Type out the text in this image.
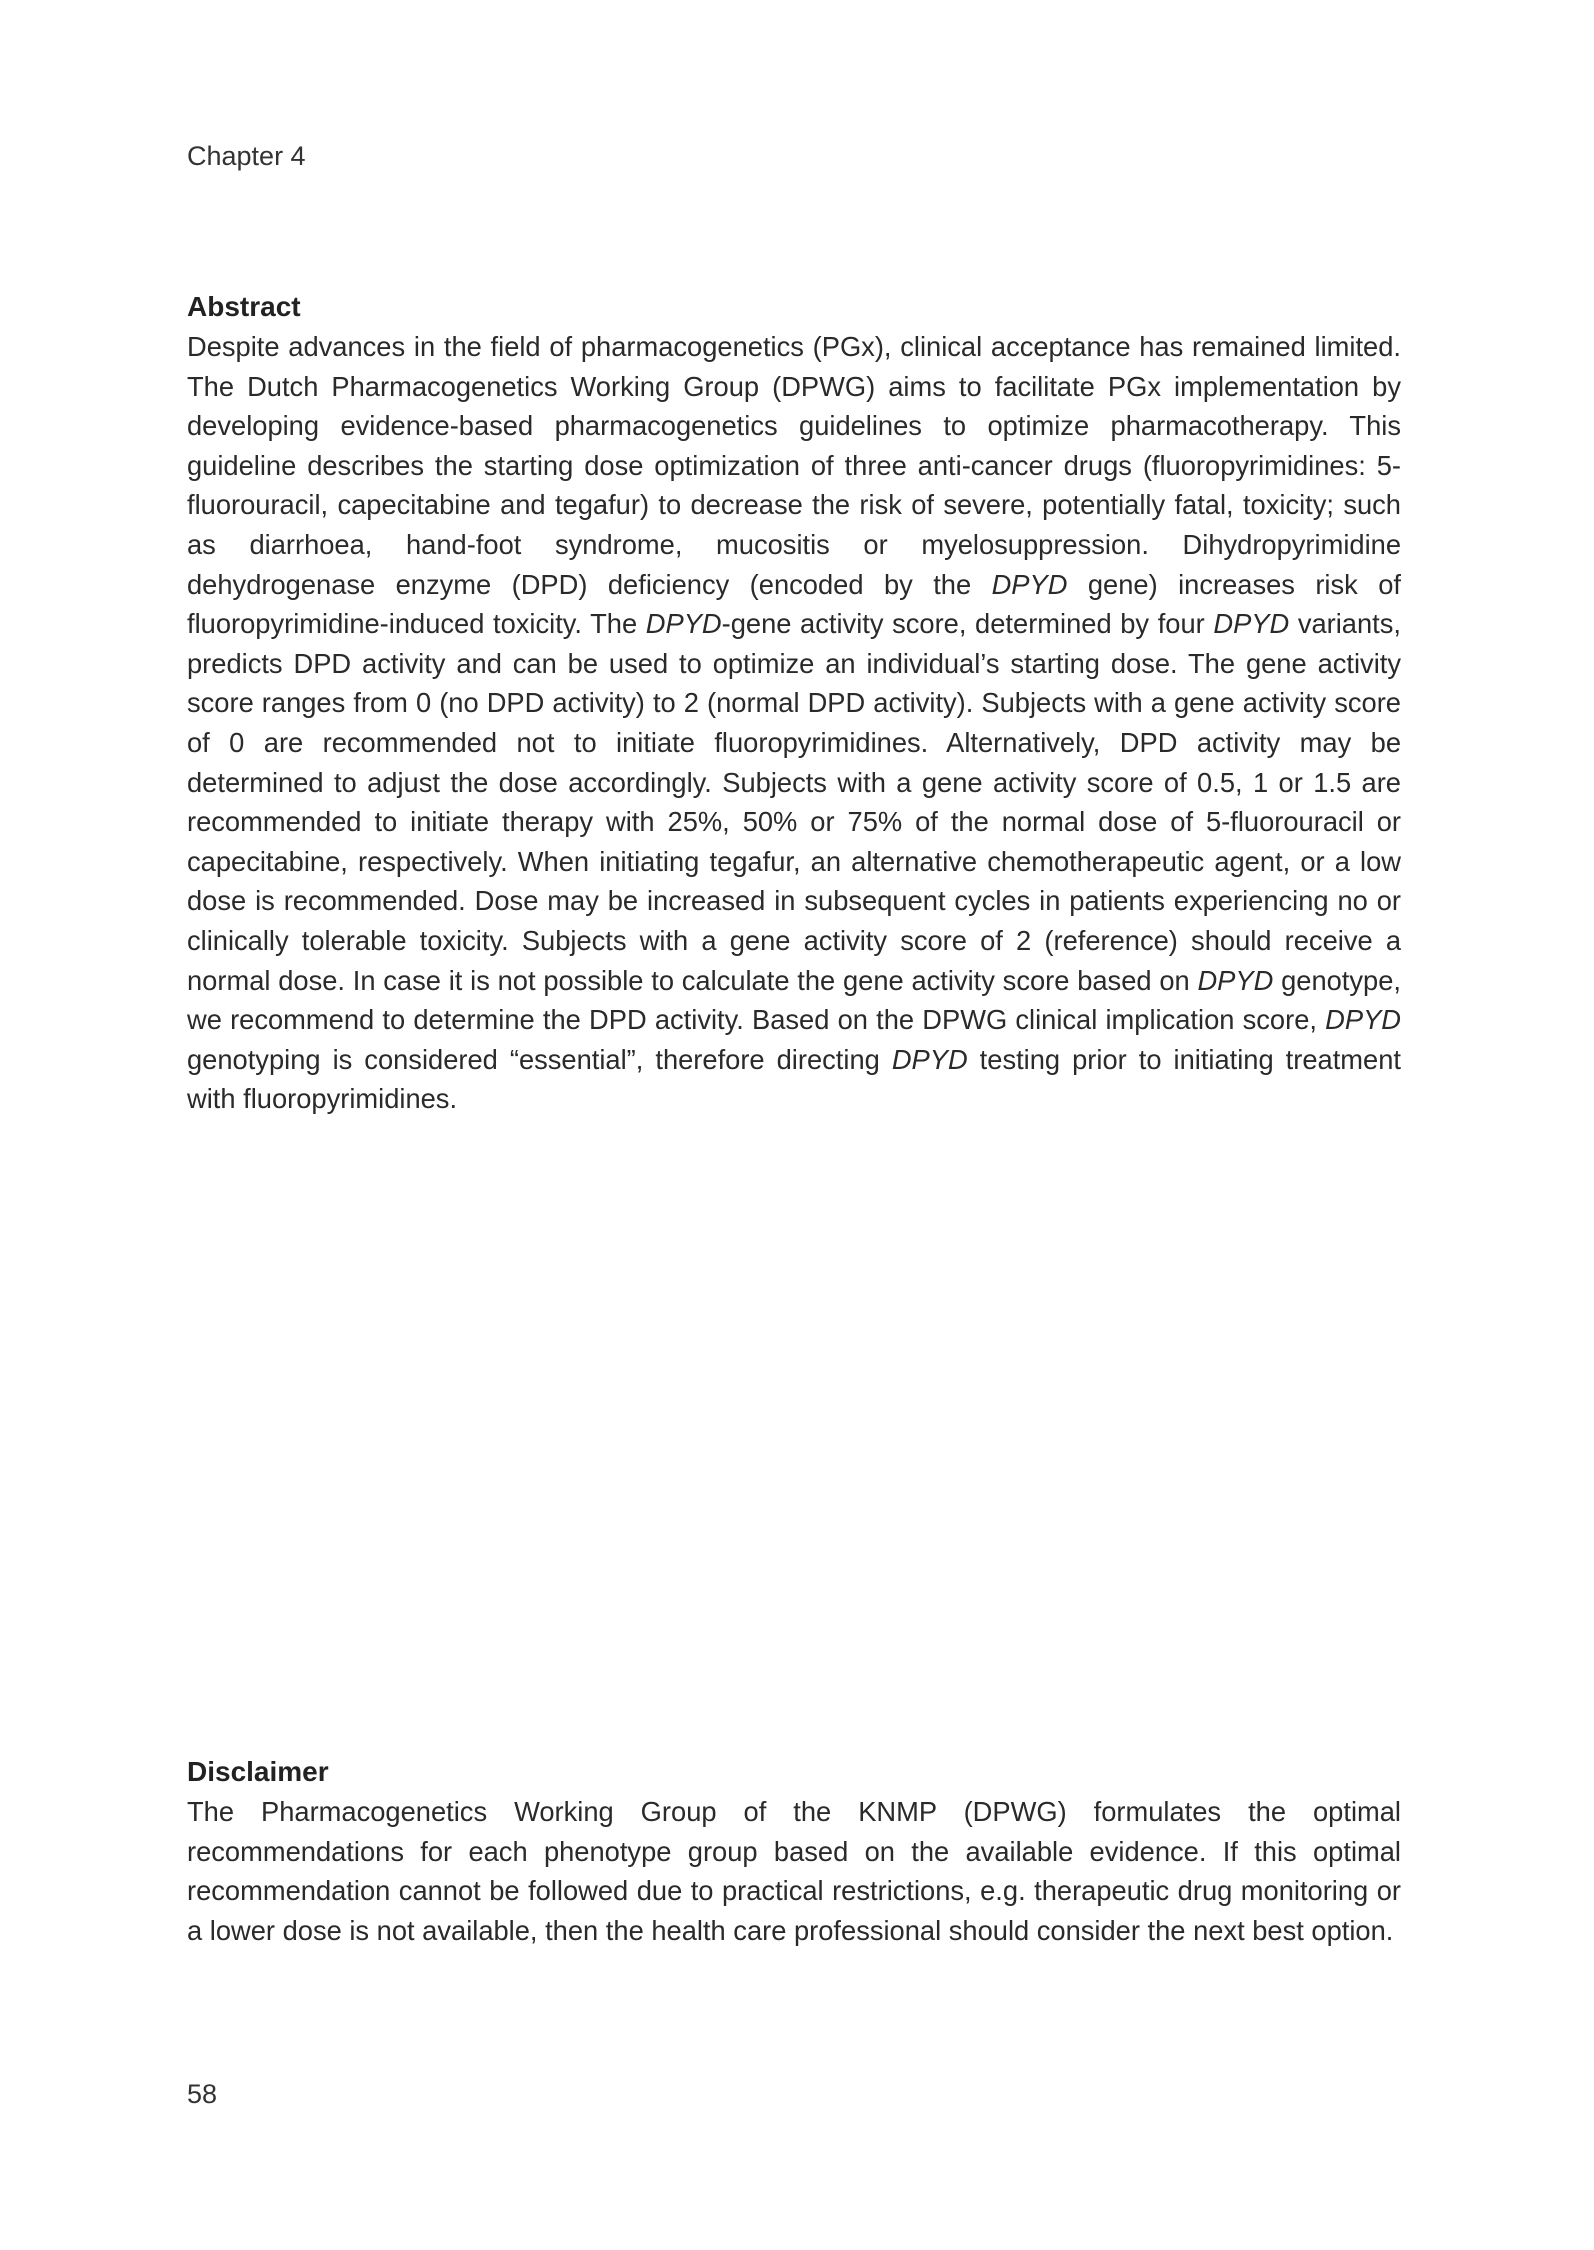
Chapter 4
Abstract

Despite advances in the field of pharmacogenetics (PGx), clinical acceptance has remained limited. The Dutch Pharmacogenetics Working Group (DPWG) aims to facilitate PGx implementation by developing evidence-based pharmacogenetics guidelines to optimize pharmacotherapy. This guideline describes the starting dose optimization of three anti-cancer drugs (fluoropyrimidines: 5-fluorouracil, capecitabine and tegafur) to decrease the risk of severe, potentially fatal, toxicity; such as diarrhoea, hand-foot syndrome, mucositis or myelosuppression. Dihydropyrimidine dehydrogenase enzyme (DPD) deficiency (encoded by the DPYD gene) increases risk of fluoropyrimidine-induced toxicity. The DPYD-gene activity score, determined by four DPYD variants, predicts DPD activity and can be used to optimize an individual’s starting dose. The gene activity score ranges from 0 (no DPD activity) to 2 (normal DPD activity). Subjects with a gene activity score of 0 are recommended not to initiate fluoropyrimidines. Alternatively, DPD activity may be determined to adjust the dose accordingly. Subjects with a gene activity score of 0.5, 1 or 1.5 are recommended to initiate therapy with 25%, 50% or 75% of the normal dose of 5-fluorouracil or capecitabine, respectively. When initiating tegafur, an alternative chemotherapeutic agent, or a low dose is recommended. Dose may be increased in subsequent cycles in patients experiencing no or clinically tolerable toxicity. Subjects with a gene activity score of 2 (reference) should receive a normal dose. In case it is not possible to calculate the gene activity score based on DPYD genotype, we recommend to determine the DPD activity. Based on the DPWG clinical implication score, DPYD genotyping is considered “essential”, therefore directing DPYD testing prior to initiating treatment with fluoropyrimidines.

Disclaimer

The Pharmacogenetics Working Group of the KNMP (DPWG) formulates the optimal recommendations for each phenotype group based on the available evidence. If this optimal recommendation cannot be followed due to practical restrictions, e.g. therapeutic drug monitoring or a lower dose is not available, then the health care professional should consider the next best option.

58
